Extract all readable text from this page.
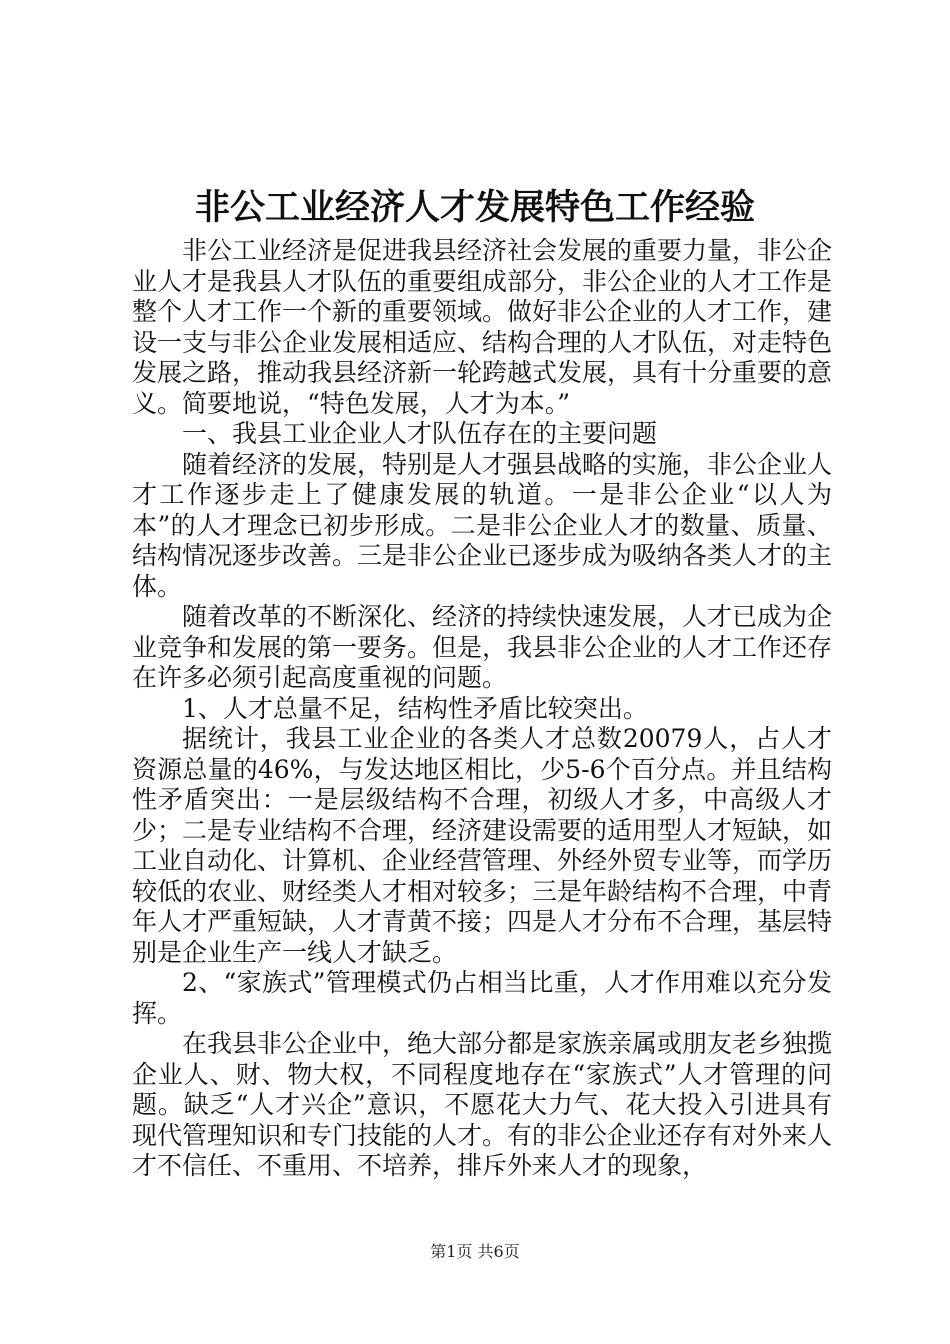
非公工业经济人才发展特色工作经验

非公工业经济是促进我县经济社会发展的重要力量，非公企业人才是我县人才队伍的重要组成部分，非公企业的人才工作是整个人才工作一个新的重要领域。做好非公企业的人才工作，建设一支与非公企业发展相适应、结构合理的人才队伍，对走特色发展之路，推动我县经济新一轮跨越式发展，具有十分重要的意义。简要地说，“特色发展，人才为本。”

一、我县工业企业人才队伍存在的主要问题

随着经济的发展，特别是人才强县战略的实施，非公企业人才工作逐步走上了健康发展的轨道。一是非公企业“以人为本”的人才理念已初步形成。二是非公企业人才的数量、质量、结构情况逐步改善。三是非公企业已逐步成为吸纳各类人才的主体。

随着改革的不断深化、经济的持续快速发展，人才已成为企业竞争和发展的第一要务。但是，我县非公企业的人才工作还存在许多必须引起高度重视的问题。

1、人才总量不足，结构性矛盾比较突出。

据统计，我县工业企业的各类人才总数20079人，占人才资源总量的46%，与发达地区相比，少5-6个百分点。并且结构性矛盾突出：一是层级结构不合理，初级人才多，中高级人才少；二是专业结构不合理，经济建设需要的适用型人才短缺，如工业自动化、计算机、企业经营管理、外经外贸专业等，而学历较低的农业、财经类人才相对较多；三是年龄结构不合理，中青年人才严重短缺，人才青黄不接；四是人才分布不合理，基层特别是企业生产一线人才缺乏。

2、“家族式”管理模式仍占相当比重，人才作用难以充分发挥。

在我县非公企业中，绝大部分都是家族亲属或朋友老乡独揽企业人、财、物大权，不同程度地存在“家族式”人才管理的问题。缺乏“人才兴企”意识，不愿花大力气、花大投入引进具有现代管理知识和专门技能的人才。有的非公企业还存有对外来人才不信任、不重用、不培养，排斥外来人才的现象，

第1页 共6页
